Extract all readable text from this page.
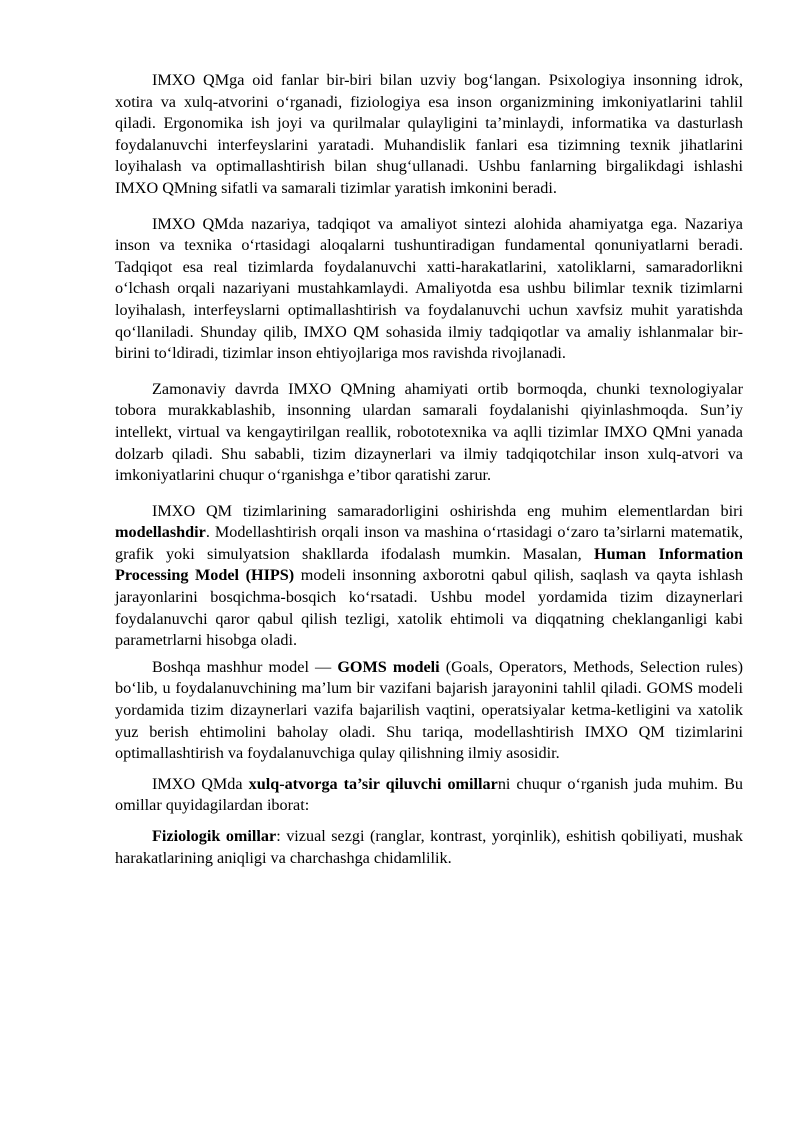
IMXO QMga oid fanlar bir-biri bilan uzviy bog‘langan. Psixologiya insonning idrok, xotira va xulq-atvorini o‘rganadi, fiziologiya esa inson organizmining imkoniyatlarini tahlil qiladi. Ergonomika ish joyi va qurilmalar qulayligini ta’minlaydi, informatika va dasturlash foydalanuvchi interfeyslarini yaratadi. Muhandislik fanlari esa tizimning texnik jihatlarini loyihalash va optimallashtirish bilan shug‘ullanadi. Ushbu fanlarning birgalikdagi ishlashi IMXO QMning sifatli va samarali tizimlar yaratish imkonini beradi.

IMXO QMda nazariya, tadqiqot va amaliyot sintezi alohida ahamiyatga ega. Nazariya inson va texnika o‘rtasidagi aloqalarni tushuntiradigan fundamental qonuniyatlarni beradi. Tadqiqot esa real tizimlarda foydalanuvchi xatti-harakatlarini, xatoliklarni, samaradorlikni o‘lchash orqali nazariyani mustahkamlaydi. Amaliyotda esa ushbu bilimlar texnik tizimlarni loyihalash, interfeyslarni optimallashtirish va foydalanuvchi uchun xavfsiz muhit yaratishda qo‘llaniladi. Shunday qilib, IMXO QM sohasida ilmiy tadqiqotlar va amaliy ishlanmalar bir-birini to‘ldiradi, tizimlar inson ehtiyojlariga mos ravishda rivojlanadi.

Zamonaviy davrda IMXO QMning ahamiyati ortib bormoqda, chunki texnologiyalar tobora murakkablashib, insonning ulardan samarali foydalanishi qiyinlashmoqda. Sun’iy intellekt, virtual va kengaytirilgan reallik, robototexnika va aqlli tizimlar IMXO QMni yanada dolzarb qiladi. Shu sababli, tizim dizaynerlari va ilmiy tadqiqotchilar inson xulq-atvori va imkoniyatlarini chuqur o‘rganishga e’tibor qaratishi zarur.

IMXO QM tizimlarining samaradorligini oshirishda eng muhim elementlardan biri modellashdir. Modellashtirish orqali inson va mashina o‘rtasidagi o‘zaro ta’sirlarni matematik, grafik yoki simulyatsion shakllarda ifodalash mumkin. Masalan, Human Information Processing Model (HIPS) modeli insonning axborotni qabul qilish, saqlash va qayta ishlash jarayonlarini bosqichma-bosqich ko‘rsatadi. Ushbu model yordamida tizim dizaynerlari foydalanuvchi qaror qabul qilish tezligi, xatolik ehtimoli va diqqatning cheklanganligi kabi parametrlarni hisobga oladi.

Boshqa mashhur model — GOMS modeli (Goals, Operators, Methods, Selection rules) bo‘lib, u foydalanuvchining ma’lum bir vazifani bajarish jarayonini tahlil qiladi. GOMS modeli yordamida tizim dizaynerlari vazifa bajarilish vaqtini, operatsiyalar ketma-ketligini va xatolik yuz berish ehtimolini baholay oladi. Shu tariqa, modellashtirish IMXO QM tizimlarini optimallashtirish va foydalanuvchiga qulay qilishning ilmiy asosidir.

IMXO QMda xulq-atvorga ta’sir qiluvchi omillarni chuqur o‘rganish juda muhim. Bu omillar quyidagilardan iborat:

Fiziologik omillar: vizual sezgi (ranglar, kontrast, yorqinlik), eshitish qobiliyati, mushak harakatlarining aniqligi va charchashga chidamlilik.
